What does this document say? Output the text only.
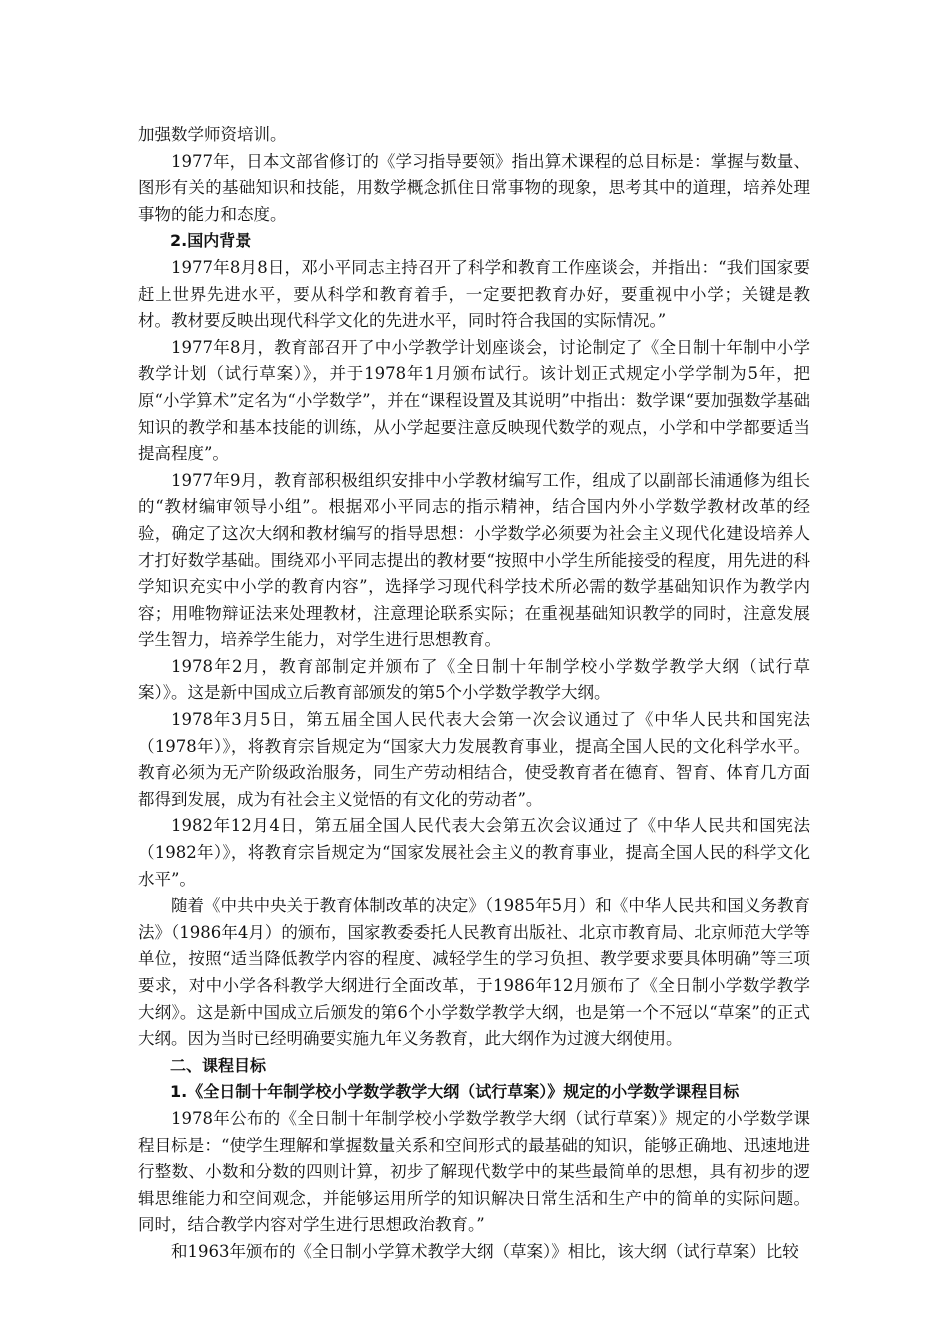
加强数学师资培训。

1977年，日本文部省修订的《学习指导要领》指出算术课程的总目标是：掌握与数量、图形有关的基础知识和技能，用数学概念抓住日常事物的现象，思考其中的道理，培养处理事物的能力和态度。

2.国内背景

1977年8月8日，邓小平同志主持召开了科学和教育工作座谈会，并指出：“我们国家要赶上世界先进水平，要从科学和教育着手，一定要把教育办好，要重视中小学；关键是教材。教材要反映出现代科学文化的先进水平，同时符合我国的实际情况。”

1977年8月，教育部召开了中小学教学计划座谈会，讨论制定了《全日制十年制中小学教学计划（试行草案）》，并于1978年1月颁布试行。该计划正式规定小学学制为5年，把原“小学算术”定名为“小学数学”，并在“课程设置及其说明”中指出：数学课“要加强数学基础知识的教学和基本技能的训练，从小学起要注意反映现代数学的观点，小学和中学都要适当提高程度”。

1977年9月，教育部积极组织安排中小学教材编写工作，组成了以副部长浦通修为组长的“教材编审领导小组”。根据邓小平同志的指示精神，结合国内外小学数学教材改革的经验，确定了这次大纲和教材编写的指导思想：小学数学必须要为社会主义现代化建设培养人才打好数学基础。围绕邓小平同志提出的教材要“按照中小学生所能接受的程度，用先进的科学知识充实中小学的教育内容”，选择学习现代科学技术所必需的数学基础知识作为教学内容；用唯物辩证法来处理教材，注意理论联系实际；在重视基础知识教学的同时，注意发展学生智力，培养学生能力，对学生进行思想教育。

1978年2月，教育部制定并颁布了《全日制十年制学校小学数学教学大纲（试行草案）》。这是新中国成立后教育部颁发的第5个小学数学教学大纲。

1978年3月5日，第五届全国人民代表大会第一次会议通过了《中华人民共和国宪法（1978年）》，将教育宗旨规定为“国家大力发展教育事业，提高全国人民的文化科学水平。教育必须为无产阶级政治服务，同生产劳动相结合，使受教育者在德育、智育、体育几方面都得到发展，成为有社会主义觉悟的有文化的劳动者”。

1982年12月4日，第五届全国人民代表大会第五次会议通过了《中华人民共和国宪法（1982年）》，将教育宗旨规定为“国家发展社会主义的教育事业，提高全国人民的科学文化水平”。

随着《中共中央关于教育体制改革的决定》（1985年5月）和《中华人民共和国义务教育法》（1986年4月）的颁布，国家教委委托人民教育出版社、北京市教育局、北京师范大学等单位，按照“适当降低教学内容的程度、减轻学生的学习负担、教学要求要具体明确”等三项要求，对中小学各科教学大纲进行全面改革，于1986年12月颁布了《全日制小学数学教学大纲》。这是新中国成立后颁发的第6个小学数学教学大纲，也是第一个不冠以“草案”的正式大纲。因为当时已经明确要实施九年义务教育，此大纲作为过渡大纲使用。

二、课程目标

1.《全日制十年制学校小学数学教学大纲（试行草案）》规定的小学数学课程目标

1978年公布的《全日制十年制学校小学数学教学大纲（试行草案）》规定的小学数学课程目标是：“使学生理解和掌握数量关系和空间形式的最基础的知识，能够正确地、迅速地进行整数、小数和分数的四则计算，初步了解现代数学中的某些最简单的思想，具有初步的逻辑思维能力和空间观念，并能够运用所学的知识解决日常生活和生产中的简单的实际问题。同时，结合教学内容对学生进行思想政治教育。”

和1963年颁布的《全日制小学算术教学大纲（草案）》相比，该大纲（试行草案）比较
